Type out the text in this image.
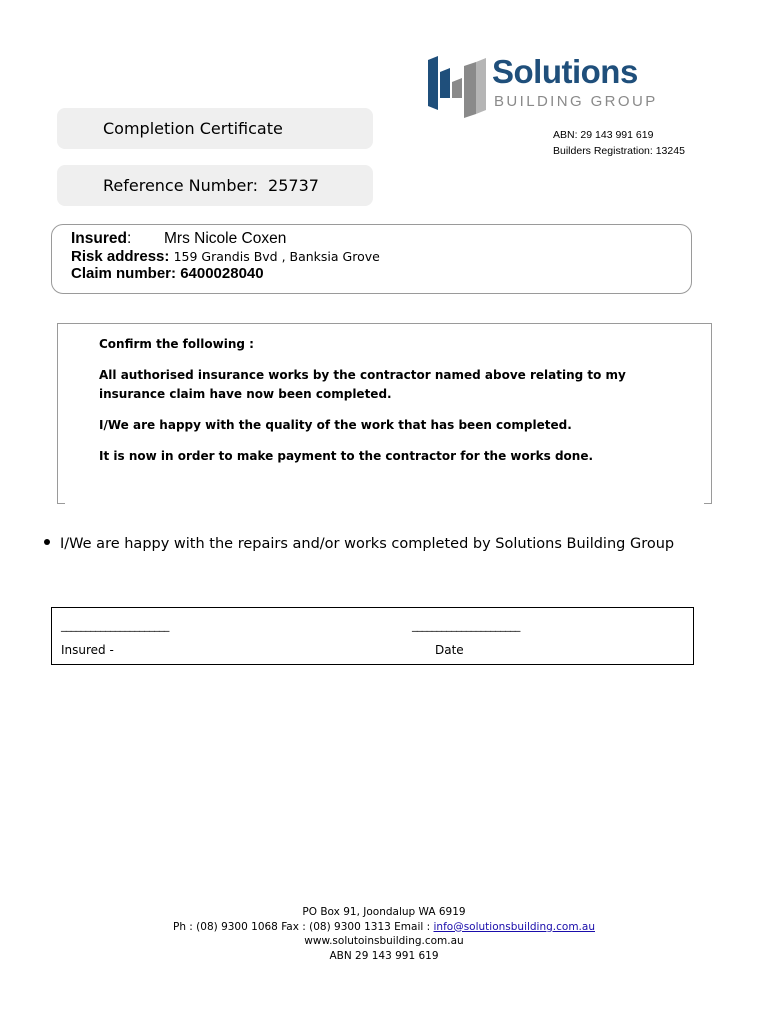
Solutions
BUILDING GROUP
ABN: 29 143 991 619
Builders Registration: 13245
Completion Certificate
Reference Number: 25737
Insured: Mrs Nicole Coxen
Risk address: 159 Grandis Bvd , Banksia Grove
Claim number: 6400028040

Confirm the following :

All authorised insurance works by the contractor named above relating to my insurance claim have now been completed.

I/We are happy with the quality of the work that has been completed.

It is now in order to make payment to the contractor for the works done.

I/We are happy with the repairs and/or works completed by Solutions Building Group
______________________	______________________
Insured -	Date
PO Box 91, Joondalup WA 6919
Ph : (08) 9300 1068 Fax : (08) 9300 1313 Email : info@solutionsbuilding.com.au
www.solutoinsbuilding.com.au
ABN 29 143 991 619
